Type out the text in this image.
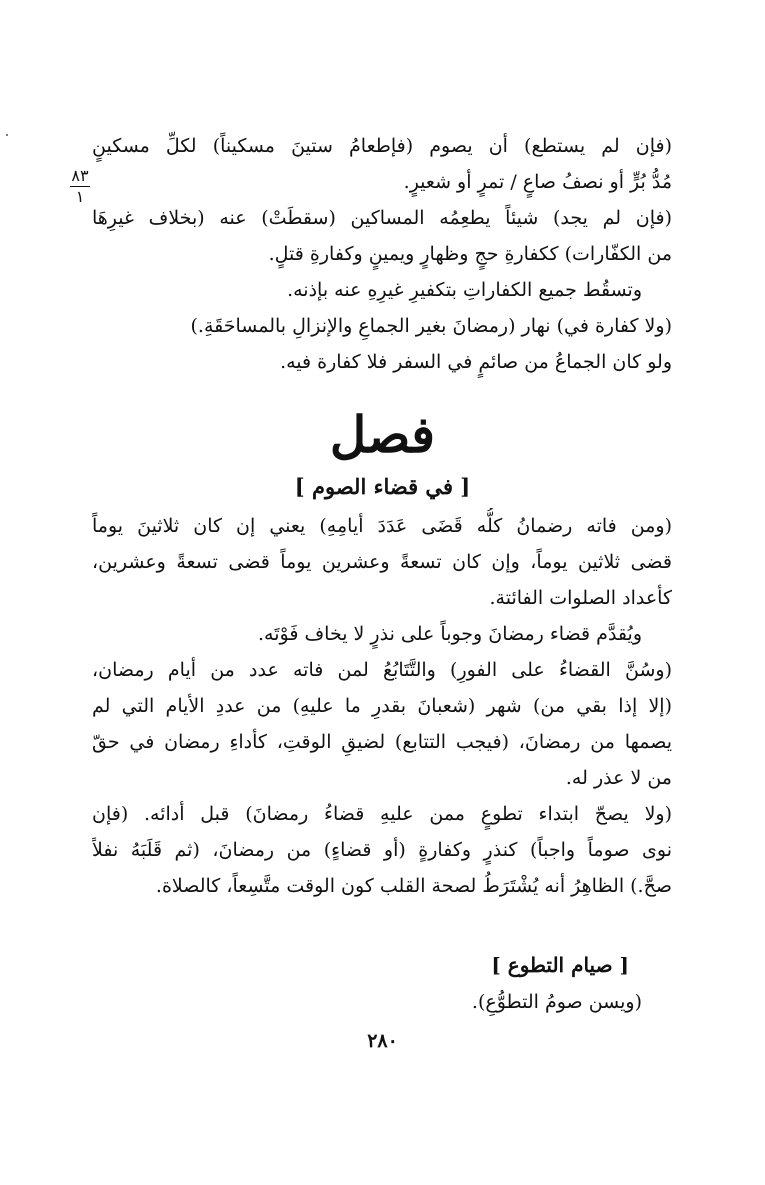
(فإن لم يستطع) أن يصوم (فإطعامُ ستينَ مسكيناً) لكلِّ مسكينٍ
مُدُّ بُرٍّ أو نصفُ صاعٍ / تمرٍ أو شعيرٍ.
(فإن لم يجد) شيئاً يطعِمُه المساكين (سقطَتْ) عنه (بخلاف غيرِهَا
من الكفّارات) ككفارةِ حجٍ وظهارٍ ويمينٍ وكفارةِ قتلٍ.
وتسقُط جميع الكفاراتِ بتكفيرِ غيرِهِ عنه بإذنه.
(ولا كفارة في) نهار (رمضانَ بغير الجماعِ والإنزالِ بالمساحَقَةِ.)
ولو كان الجماعُ من صائمٍ في السفر فلا كفارة فيه.
٨٣
١
فصل
[ في قضاء الصوم ]
(ومن فاته رضمانُ كلُّه قَضَى عَدَدَ أيامِهِ) يعني إن كان ثلاثينَ يوماً
قضى ثلاثين يوماً، وإن كان تسعةً وعشرين يوماً قضى تسعةً وعشرين،
كأعداد الصلوات الفائتة.
ويُقدَّم قضاء رمضانَ وجوباً على نذرٍ لا يخاف فَوْتَه.
(وسُنَّ القضاءُ على الفورِ) والتَّتَابُعُ لمن فاته عدد من أيام رمضان،
(إلا إذا بقي من) شهر (شعبانَ بقدرِ ما عليهِ) من عددِ الأيام التي لم
يصمها من رمضانَ، (فيجب التتابع) لضيقِ الوقتِ، كأداءِ رمضان في حقّ
من لا عذر له.
(ولا يصحّ ابتداء تطوعٍ ممن عليهِ قضاءُ رمضانَ) قبل أدائه. (فإن
نوى صوماً واجباً) كنذرٍ وكفارةٍ (أو قضاءٍ) من رمضانَ، (ثم قَلَبَهُ نفلاً
صحَّ.) الظاهِرُ أنه يُشْتَرَطُ لصحة القلب كون الوقت متَّسِعاً، كالصلاة.
[ صيام التطوع ]
(ويسن صومُ التطوُّعِ).
٢٨٠
